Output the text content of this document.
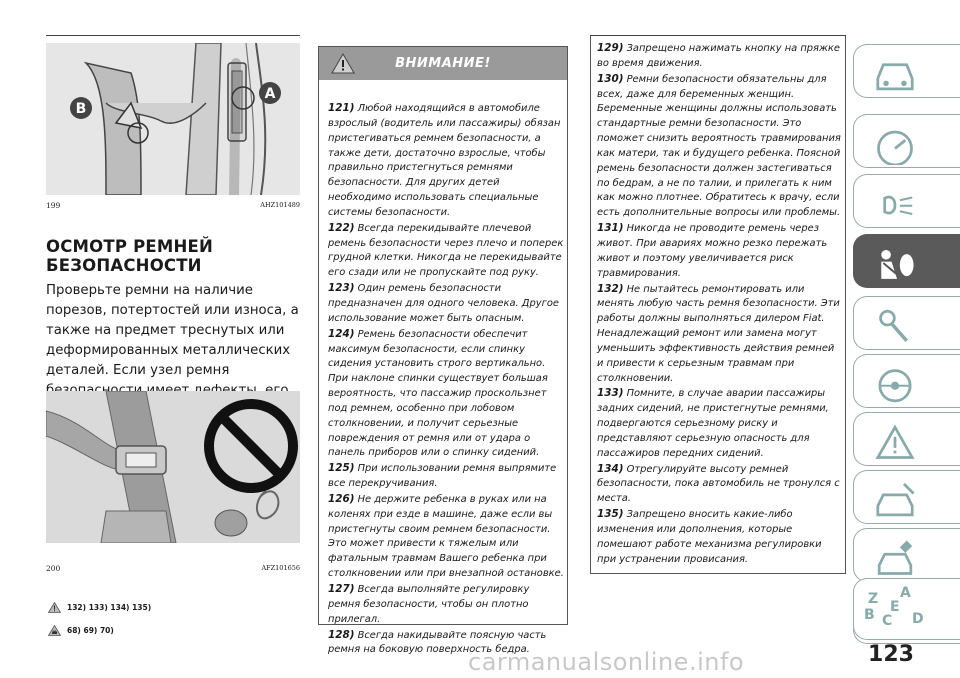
B
A
199	AHZ101489
ОСМОТР РЕМНЕЙ
БЕЗОПАСНОСТИ
Проверьте ремни на наличие порезов, потертостей или износа, а также на предмет треснутых или деформированных металлических деталей. Если узел ремня
200	AFZ101656
132) 133) 134) 135)
68) 69) 70)
ВНИМАНИЕ!

121) Любой находящийся в автомобиле взрослый (водитель или пассажиры) обязан пристегиваться ремнем безопасности, а также дети, достаточно взрослые, чтобы правильно пристегнуться ремнями безопасности. Для других детей необходимо использовать специальные системы безопасности.

122) Всегда перекидывайте плечевой ремень безопасности через плечо и поперек грудной клетки. Никогда не перекидывайте его сзади или не пропускайте под руку.

123) Один ремень безопасности предназначен для одного человека. Другое использование может быть опасным.

124) Ремень безопасности обеспечит максимум безопасности, если спинку сидения установить строго вертикально. При наклоне спинки существует большая вероятность, что пассажир проскользнет под ремнем, особенно при лобовом столкновении, и получит серьезные повреждения от ремня или от удара о панель приборов или о спинку сидений.

125) При использовании ремня выпрямите все перекручивания.

126) Не держите ребенка в руках или на коленях при езде в машине, даже если вы пристегнуты своим ремнем безопасности. Это может привести к тяжелым или фатальным травмам Вашего ребенка при столкновении или при внезапной остановке.

127) Всегда выполняйте регулировку ремня безопасности, чтобы он плотно прилегал.

128) Всегда накидывайте поясную часть ремня на боковую поверхность бедра.

129) Запрещено нажимать кнопку на пряжке во время движения.

130) Ремни безопасности обязательны для всех, даже для беременных женщин. Беременные женщины должны использовать стандартные ремни безопасности. Это поможет снизить вероятность травмирования как матери, так и будущего ребенка. Поясной ремень безопасности должен застегиваться по бедрам, а не по талии, и прилегать к ним как можно плотнее. Обратитесь к врачу, если есть дополнительные вопросы или проблемы.

131) Никогда не проводите ремень через живот. При авариях можно резко пережать живот и поэтому увеличивается риск травмирования.

132) Не пытайтесь ремонтировать или менять любую часть ремня безопасности. Эти работы должны выполняться дилером Fiat. Ненадлежащий ремонт или замена могут уменьшить эффективность действия ремней и привести к серьезным травмам при столкновении.

133) Помните, в случае аварии пассажиры задних сидений, не пристегнутые ремнями, подвергаются серьезному риску и представляют серьезную опасность для пассажиров передних сидений.

134) Отрегулируйте высоту ремней безопасности, пока автомобиль не тронулся с места.

135) Запрещено вносить какие-либо изменения или дополнения, которые помешают работе механизма регулировки при устранении провисания.

Z A
B C D
E
123
carmanualsonline.info
